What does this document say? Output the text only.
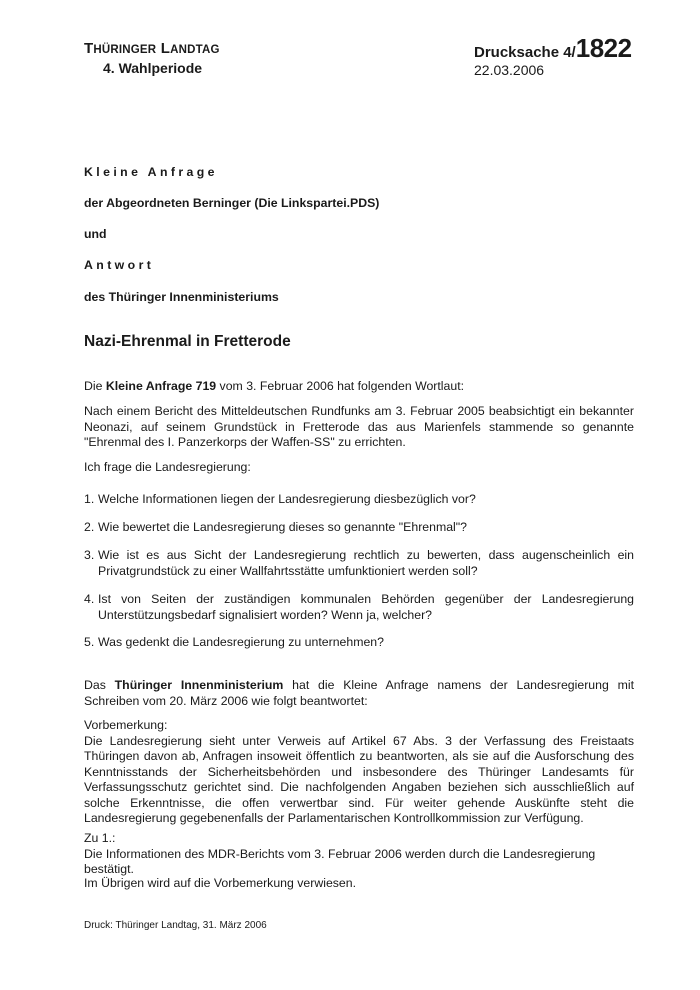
THÜRINGER LANDTAG
4. Wahlperiode
Drucksache 4/1822
22.03.2006
Kleine Anfrage
der Abgeordneten Berninger (Die Linkspartei.PDS)
und
Antwort
des Thüringer Innenministeriums
Nazi-Ehrenmal in Fretterode
Die Kleine Anfrage 719 vom 3. Februar 2006 hat folgenden Wortlaut:

Nach einem Bericht des Mitteldeutschen Rundfunks am 3. Februar 2005 beabsichtigt ein bekannter Neonazi, auf seinem Grundstück in Fretterode das aus Marienfels stammende so genannte "Ehrenmal des I. Panzerkorps der Waffen-SS" zu errichten.

Ich frage die Landesregierung:
1. Welche Informationen liegen der Landesregierung diesbezüglich vor?
2. Wie bewertet die Landesregierung dieses so genannte "Ehrenmal"?
3. Wie ist es aus Sicht der Landesregierung rechtlich zu bewerten, dass augenscheinlich ein Privatgrundstück zu einer Wallfahrtsstätte umfunktioniert werden soll?
4. Ist von Seiten der zuständigen kommunalen Behörden gegenüber der Landesregierung Unterstützungsbedarf signalisiert worden? Wenn ja, welcher?
5. Was gedenkt die Landesregierung zu unternehmen?

Das Thüringer Innenministerium hat die Kleine Anfrage namens der Landesregierung mit Schreiben vom 20. März 2006 wie folgt beantwortet:

Vorbemerkung:

Die Landesregierung sieht unter Verweis auf Artikel 67 Abs. 3 der Verfassung des Freistaats Thüringen davon ab, Anfragen insoweit öffentlich zu beantworten, als sie auf die Ausforschung des Kenntnisstands der Sicherheitsbehörden und insbesondere des Thüringer Landesamts für Verfassungsschutz gerichtet sind. Die nachfolgenden Angaben beziehen sich ausschließlich auf solche Erkenntnisse, die offen verwertbar sind. Für weiter gehende Auskünfte steht die Landesregierung gegebenenfalls der Parlamentarischen Kontrollkommission zur Verfügung.

Zu 1.:

Die Informationen des MDR-Berichts vom 3. Februar 2006 werden durch die Landesregierung bestätigt.

Im Übrigen wird auf die Vorbemerkung verwiesen.
Druck: Thüringer Landtag, 31. März 2006
